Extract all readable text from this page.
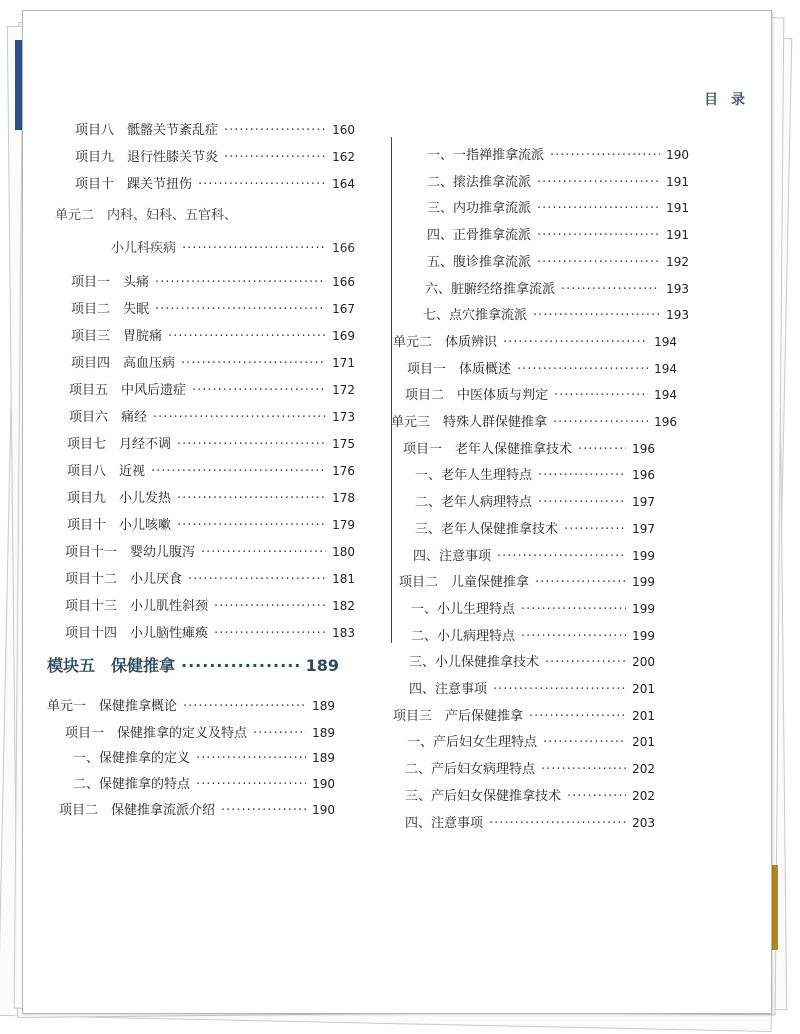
目 录
项目八　骶髂关节紊乱症 ·····	160
项目九　退行性膝关节炎 ·····	162
项目十　踝关节扭伤 ·····	164
单元二　内科、妇科、五官科、
小儿科疾病 ·····	166
项目一　头痛 ·····	166
项目二　失眠 ·····	167
项目三　胃脘痛 ·····	169
项目四　高血压病 ·····	171
项目五　中风后遗症 ·····	172
项目六　痛经 ·····	173
项目七　月经不调 ·····	175
项目八　近视 ·····	176
项目九　小儿发热 ·····	178
项目十　小儿咳嗽 ·····	179
项目十一　婴幼儿腹泻 ·····	180
项目十二　小儿厌食 ·····	181
项目十三　小儿肌性斜颈 ·····	182
项目十四　小儿脑性瘫痪 ·····	183
模块五　保健推拿 ·····	189
单元一　保健推拿概论 ·····	189
项目一　保健推拿的定义及特点 ·····	189
一、保健推拿的定义 ·····	189
二、保健推拿的特点 ·····	190
项目二　保健推拿流派介绍 ·····	190
一、一指禅推拿流派 ·····	190
二、㨰法推拿流派 ·····	191
三、内功推拿流派 ·····	191
四、正骨推拿流派 ·····	191
五、腹诊推拿流派 ·····	192
六、脏腑经络推拿流派 ·····	193
七、点穴推拿流派 ·····	193
单元二　体质辨识 ·····	194
项目一　体质概述 ·····	194
项目二　中医体质与判定 ·····	194
单元三　特殊人群保健推拿 ·····	196
项目一　老年人保健推拿技术 ·····	196
一、老年人生理特点 ·····	196
二、老年人病理特点 ·····	197
三、老年人保健推拿技术 ·····	197
四、注意事项 ·····	199
项目二　儿童保健推拿 ·····	199
一、小儿生理特点 ·····	199
二、小儿病理特点 ·····	199
三、小儿保健推拿技术 ·····	200
四、注意事项 ·····	201
项目三　产后保健推拿 ·····	201
一、产后妇女生理特点 ·····	201
二、产后妇女病理特点 ·····	202
三、产后妇女保健推拿技术 ·····	202
四、注意事项 ·····	203
